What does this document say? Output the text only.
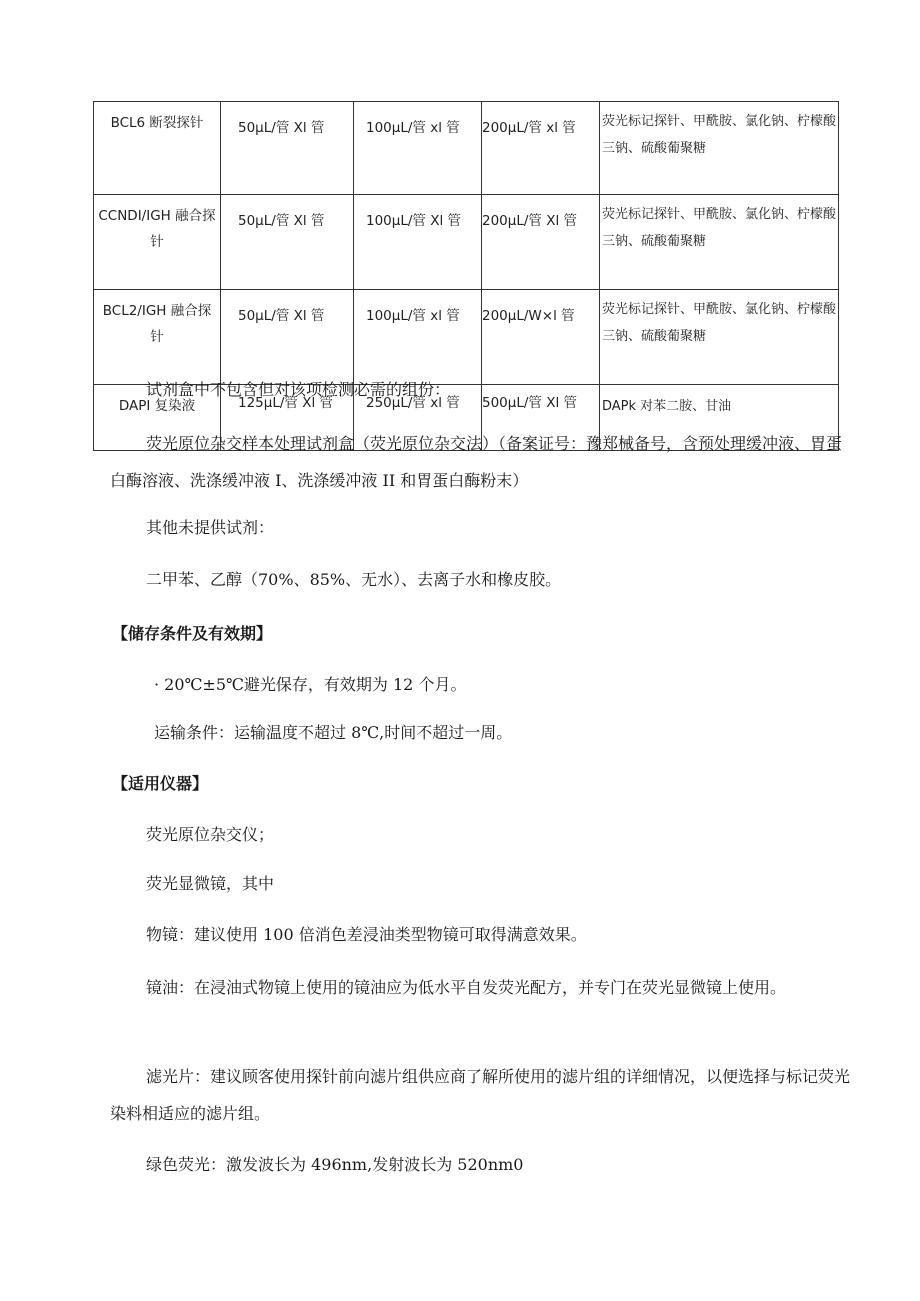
BCL6 断裂探针	50μL/管 Xl 管	100μL/管 xl 管	200μL/管 xl 管	荧光标记探针、甲酰胺、氯化钠、柠檬酸三钠、硫酸葡聚糖
CCNDI/IGH 融合探针	50μL/管 Xl 管	100μL/管 Xl 管	200μL/管 Xl 管	荧光标记探针、甲酰胺、氯化钠、柠檬酸三钠、硫酸葡聚糖
BCL2/IGH 融合探针	50μL/管 Xl 管	100μL/管 xl 管	200μL/W×l 管	荧光标记探针、甲酰胺、氯化钠、柠檬酸三钠、硫酸葡聚糖
DAPI 复染液	125μL/管 Xl 管	250μL/管 xl 管	500μL/管 Xl 管	DAPk 对苯二胺、甘油

试剂盒中不包含但对该项检测必需的组份：

荧光原位杂交样本处理试剂盒（荧光原位杂交法）（备案证号：豫郑械备号，含预处理缓冲液、胃蛋白酶溶液、洗涤缓冲液 I、洗涤缓冲液 II 和胃蛋白酶粉末）

其他未提供试剂：

二甲苯、乙醇（70%、85%、无水）、去离子水和橡皮胶。

【储存条件及有效期】

· 20℃±5℃避光保存，有效期为 12 个月。

运输条件：运输温度不超过 8℃,时间不超过一周。

【适用仪器】

荧光原位杂交仪；

荧光显微镜，其中

物镜：建议使用 100 倍消色差浸油类型物镜可取得满意效果。

镜油：在浸油式物镜上使用的镜油应为低水平自发荧光配方，并专门在荧光显微镜上使用。

滤光片：建议顾客使用探针前向滤片组供应商了解所使用的滤片组的详细情况，以便选择与标记荧光染料相适应的滤片组。

绿色荧光：激发波长为 496nm,发射波长为 520nm0
